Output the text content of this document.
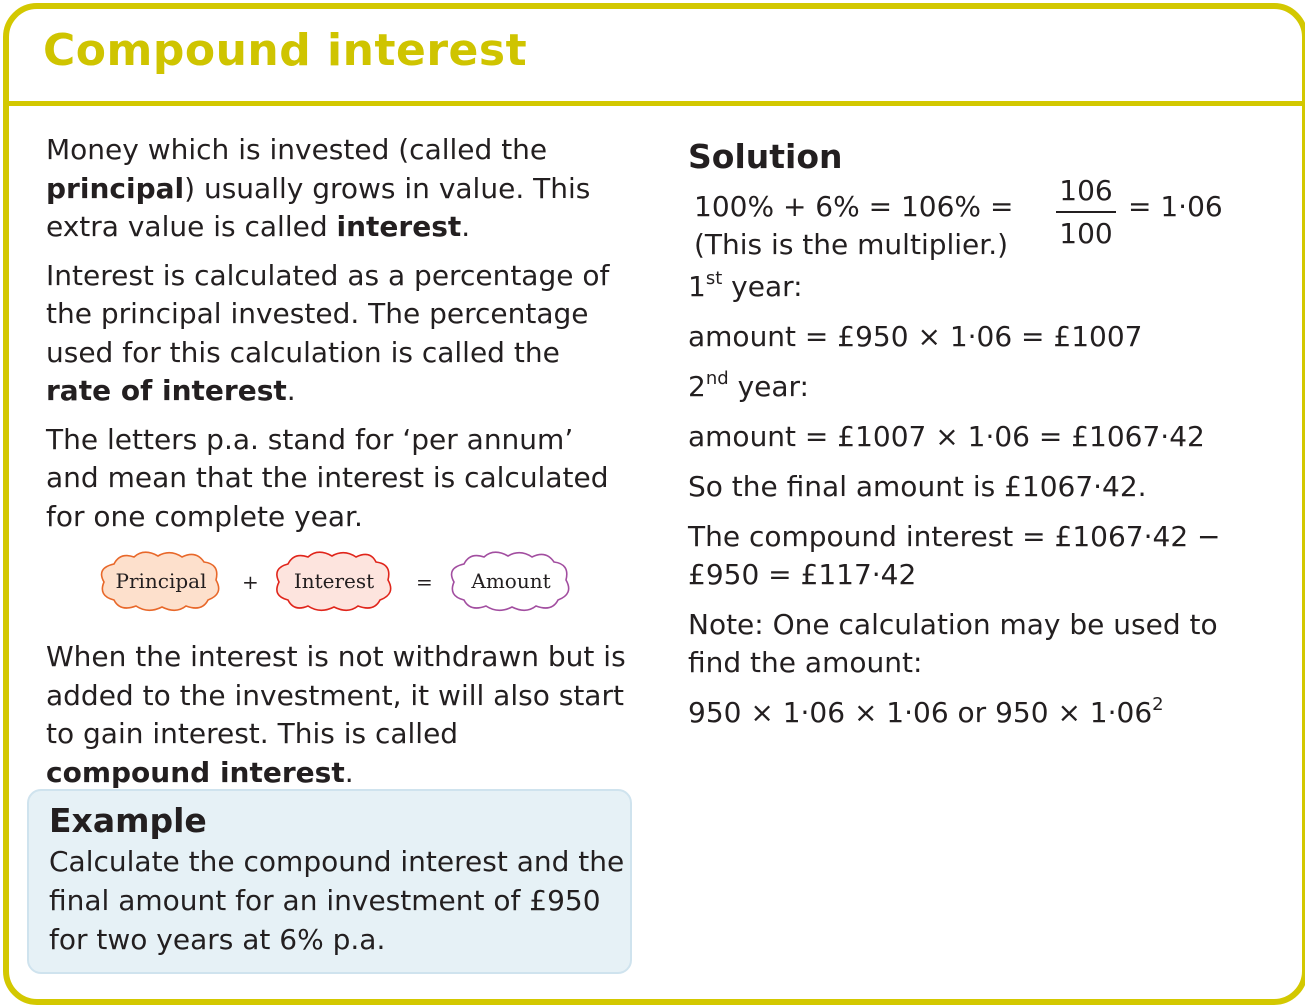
Compound interest

Money which is invested (called the principal) usually grows in value. This extra value is called interest.

Interest is calculated as a percentage of the principal invested. The percentage used for this calculation is called the rate of interest.

The letters p.a. stand for ‘per annum’ and mean that the interest is calculated for one complete year.

Principal	+	Interest	=	Amount

When the interest is not withdrawn but is added to the investment, it will also start to gain interest. This is called compound interest.

Example

Calculate the compound interest and the final amount for an investment of £950 for two years at 6% p.a.

Solution

$100\% + 6\% = 106\% = \frac{106}{100} = 1\cdot 06$
(This is the multiplier.)

1st year:

amount = £950 × 1·06 = £1007

2nd year:

amount = £1007 × 1·06 = £1067·42

So the final amount is £1067·42.

The compound interest = £1067·42 −

£950 = £117·42

Note: One calculation may be used to find the amount:

950 × 1·06 × 1·06 or $950 \times 1\cdot 06^2$
